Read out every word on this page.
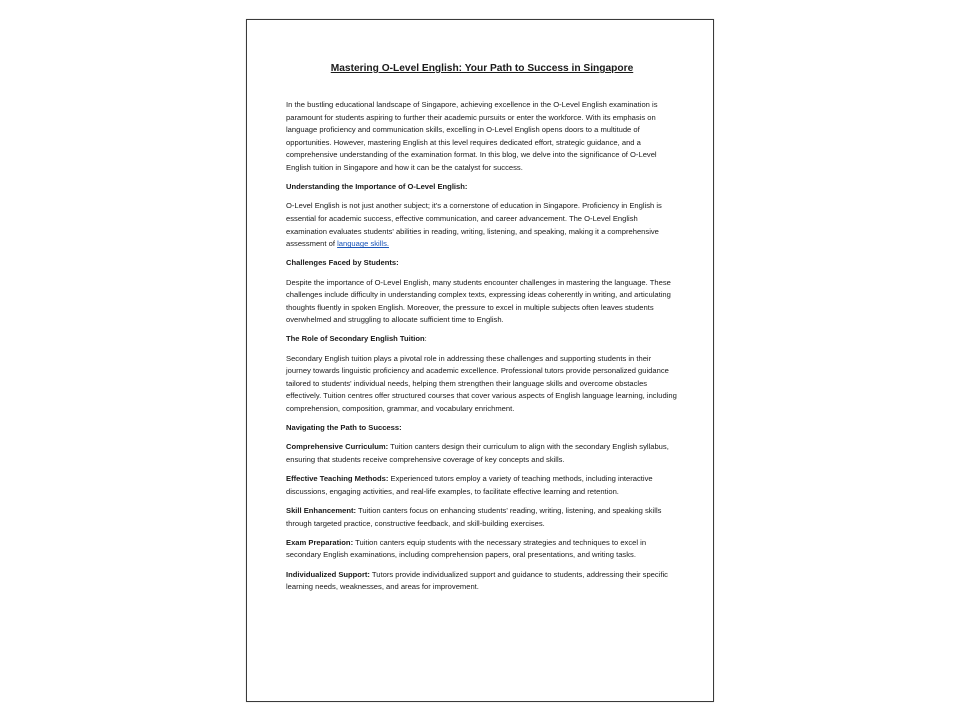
Mastering O-Level English: Your Path to Success in Singapore

In the bustling educational landscape of Singapore, achieving excellence in the O-Level English examination is paramount for students aspiring to further their academic pursuits or enter the workforce. With its emphasis on language proficiency and communication skills, excelling in O-Level English opens doors to a multitude of opportunities. However, mastering English at this level requires dedicated effort, strategic guidance, and a comprehensive understanding of the examination format. In this blog, we delve into the significance of O-Level English tuition in Singapore and how it can be the catalyst for success.

Understanding the Importance of O-Level English:

O-Level English is not just another subject; it's a cornerstone of education in Singapore. Proficiency in English is essential for academic success, effective communication, and career advancement. The O-Level English examination evaluates students' abilities in reading, writing, listening, and speaking, making it a comprehensive assessment of language skills.

Challenges Faced by Students:

Despite the importance of O-Level English, many students encounter challenges in mastering the language. These challenges include difficulty in understanding complex texts, expressing ideas coherently in writing, and articulating thoughts fluently in spoken English. Moreover, the pressure to excel in multiple subjects often leaves students overwhelmed and struggling to allocate sufficient time to English.

The Role of Secondary English Tuition:

Secondary English tuition plays a pivotal role in addressing these challenges and supporting students in their journey towards linguistic proficiency and academic excellence. Professional tutors provide personalized guidance tailored to students' individual needs, helping them strengthen their language skills and overcome obstacles effectively. Tuition centres offer structured courses that cover various aspects of English language learning, including comprehension, composition, grammar, and vocabulary enrichment.

Navigating the Path to Success:

Comprehensive Curriculum: Tuition canters design their curriculum to align with the secondary English syllabus, ensuring that students receive comprehensive coverage of key concepts and skills.

Effective Teaching Methods: Experienced tutors employ a variety of teaching methods, including interactive discussions, engaging activities, and real-life examples, to facilitate effective learning and retention.

Skill Enhancement: Tuition canters focus on enhancing students' reading, writing, listening, and speaking skills through targeted practice, constructive feedback, and skill-building exercises.

Exam Preparation: Tuition canters equip students with the necessary strategies and techniques to excel in secondary English examinations, including comprehension papers, oral presentations, and writing tasks.

Individualized Support: Tutors provide individualized support and guidance to students, addressing their specific learning needs, weaknesses, and areas for improvement.
